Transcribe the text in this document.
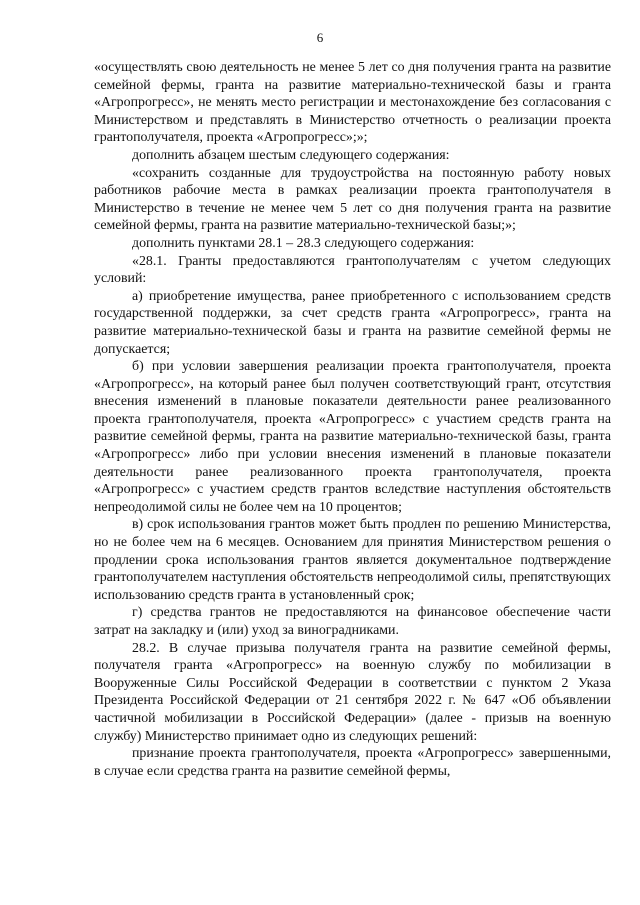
6

«осуществлять свою деятельность не менее 5 лет со дня получения гранта на развитие семейной фермы, гранта на развитие материально-технической базы и гранта «Агропрогресс», не менять место регистрации и местонахождение без согласования с Министерством и представлять в Министерство отчетность о реализации проекта грантополучателя, проекта «Агропрогресс»;»;

дополнить абзацем шестым следующего содержания:

«сохранить созданные для трудоустройства на постоянную работу новых работников рабочие места в рамках реализации проекта грантополучателя в Министерство в течение не менее чем 5 лет со дня получения гранта на развитие семейной фермы, гранта на развитие материально-технической базы;»;

дополнить пунктами 28.1 – 28.3 следующего содержания:

«28.1. Гранты предоставляются грантополучателям с учетом следующих условий:

а) приобретение имущества, ранее приобретенного с использованием средств государственной поддержки, за счет средств гранта «Агропрогресс», гранта на развитие материально-технической базы и гранта на развитие семейной фермы не допускается;

б) при условии завершения реализации проекта грантополучателя, проекта «Агропрогресс», на который ранее был получен соответствующий грант, отсутствия внесения изменений в плановые показатели деятельности ранее реализованного проекта грантополучателя, проекта «Агропрогресс» с участием средств гранта на развитие семейной фермы, гранта на развитие материально-технической базы, гранта «Агропрогресс» либо при условии внесения изменений в плановые показатели деятельности ранее реализованного проекта грантополучателя, проекта «Агропрогресс» с участием средств грантов вследствие наступления обстоятельств непреодолимой силы не более чем на 10 процентов;

в) срок использования грантов может быть продлен по решению Министерства, но не более чем на 6 месяцев. Основанием для принятия Министерством решения о продлении срока использования грантов является документальное подтверждение грантополучателем наступления обстоятельств непреодолимой силы, препятствующих использованию средств гранта в установленный срок;

г) средства грантов не предоставляются на финансовое обеспечение части затрат на закладку и (или) уход за виноградниками.

28.2. В случае призыва получателя гранта на развитие семейной фермы, получателя гранта «Агропрогресс» на военную службу по мобилизации в Вооруженные Силы Российской Федерации в соответствии с пунктом 2 Указа Президента Российской Федерации от 21 сентября 2022 г. № 647 «Об объявлении частичной мобилизации в Российской Федерации» (далее - призыв на военную службу) Министерство принимает одно из следующих решений:

признание проекта грантополучателя, проекта «Агропрогресс» завершенными, в случае если средства гранта на развитие семейной фермы,
